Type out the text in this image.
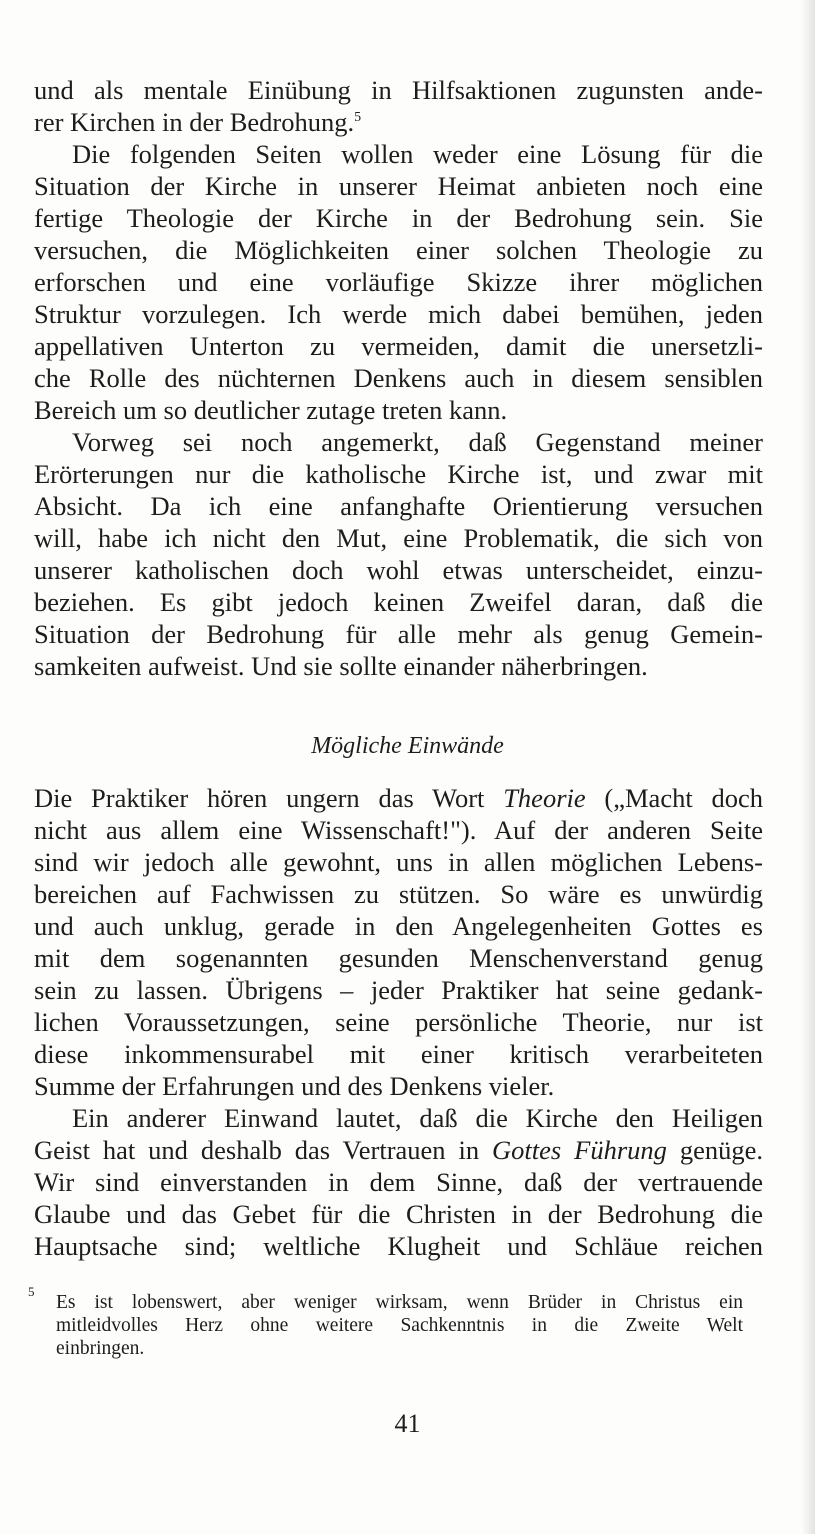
und als mentale Einübung in Hilfsaktionen zugunsten ande-
rer Kirchen in der Bedrohung.$^5$
Die folgenden Seiten wollen weder eine Lösung für die
Situation der Kirche in unserer Heimat anbieten noch eine
fertige Theologie der Kirche in der Bedrohung sein. Sie
versuchen, die Möglichkeiten einer solchen Theologie zu
erforschen und eine vorläufige Skizze ihrer möglichen
Struktur vorzulegen. Ich werde mich dabei bemühen, jeden
appellativen Unterton zu vermeiden, damit die unersetzli-
che Rolle des nüchternen Denkens auch in diesem sensiblen
Bereich um so deutlicher zutage treten kann.
Vorweg sei noch angemerkt, daß Gegenstand meiner
Erörterungen nur die katholische Kirche ist, und zwar mit
Absicht. Da ich eine anfanghafte Orientierung versuchen
will, habe ich nicht den Mut, eine Problematik, die sich von
unserer katholischen doch wohl etwas unterscheidet, einzu-
beziehen. Es gibt jedoch keinen Zweifel daran, daß die
Situation der Bedrohung für alle mehr als genug Gemein-
samkeiten aufweist. Und sie sollte einander näherbringen.
Mögliche Einwände
Die Praktiker hören ungern das Wort Theorie („Macht doch
nicht aus allem eine Wissenschaft!"). Auf der anderen Seite
sind wir jedoch alle gewohnt, uns in allen möglichen Lebens-
bereichen auf Fachwissen zu stützen. So wäre es unwürdig
und auch unklug, gerade in den Angelegenheiten Gottes es
mit dem sogenannten gesunden Menschenverstand genug
sein zu lassen. Übrigens – jeder Praktiker hat seine gedank-
lichen Voraussetzungen, seine persönliche Theorie, nur ist
diese inkommensurabel mit einer kritisch verarbeiteten
Summe der Erfahrungen und des Denkens vieler.
Ein anderer Einwand lautet, daß die Kirche den Heiligen
Geist hat und deshalb das Vertrauen in Gottes Führung genüge.
Wir sind einverstanden in dem Sinne, daß der vertrauende
Glaube und das Gebet für die Christen in der Bedrohung die
Hauptsache sind; weltliche Klugheit und Schläue reichen
5
Es ist lobenswert, aber weniger wirksam, wenn Brüder in Christus ein
mitleidvolles Herz ohne weitere Sachkenntnis in die Zweite Welt
einbringen.
41
